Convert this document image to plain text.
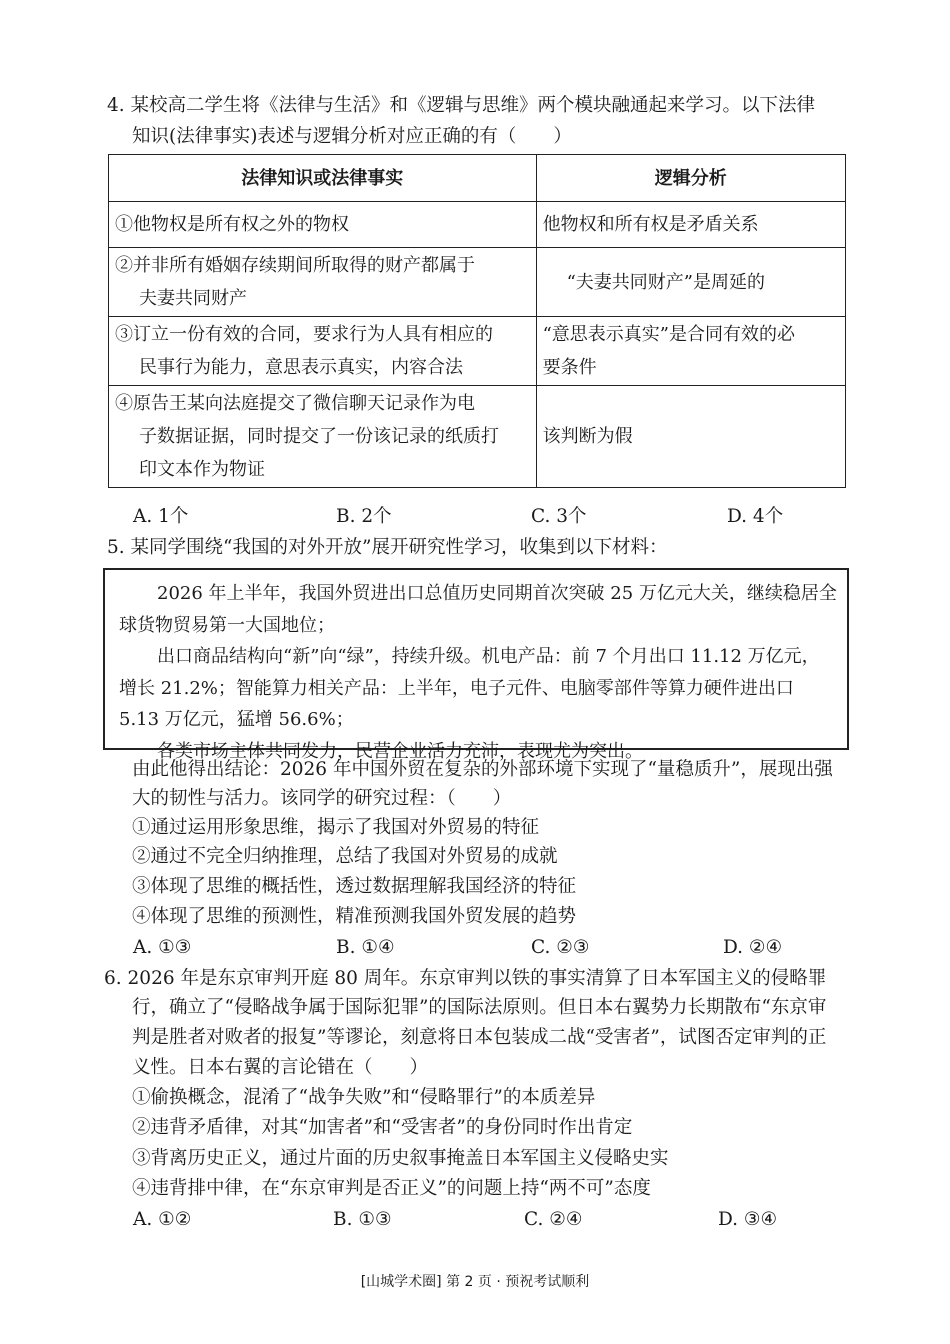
4. 某校高二学生将《法律与生活》和《逻辑与思维》两个模块融通起来学习。以下法律
知识(法律事实)表述与逻辑分析对应正确的有（　　）
法律知识或法律事实	逻辑分析
①他物权是所有权之外的物权	他物权和所有权是矛盾关系
②并非所有婚姻存续期间所取得的财产都属于
夫妻共同财产	“夫妻共同财产”是周延的
③订立一份有效的合同，要求行为人具有相应的
民事行为能力，意思表示真实，内容合法	“意思表示真实”是合同有效的必
要条件
④原告王某向法庭提交了微信聊天记录作为电
子数据证据，同时提交了一份该记录的纸质打
印文本作为物证	该判断为假
A. 1个	B. 2个	C. 3个	D. 4个
5. 某同学围绕“我国的对外开放”展开研究性学习，收集到以下材料：

2026 年上半年，我国外贸进出口总值历史同期首次突破 25 万亿元大关，继续稳居全球货物贸易第一大国地位；

出口商品结构向“新”向“绿”，持续升级。机电产品：前 7 个月出口 11.12 万亿元，增长 21.2%；智能算力相关产品：上半年，电子元件、电脑零部件等算力硬件进出口 5.13 万亿元，猛增 56.6%；

各类市场主体共同发力，民营企业活力充沛，表现尤为突出。

由此他得出结论：2026 年中国外贸在复杂的外部环境下实现了“量稳质升”，展现出强
大的韧性与活力。该同学的研究过程：（　　）
①通过运用形象思维，揭示了我国对外贸易的特征
②通过不完全归纳推理，总结了我国对外贸易的成就
③体现了思维的概括性，透过数据理解我国经济的特征
④体现了思维的预测性，精准预测我国外贸发展的趋势
A. ①③	B. ①④	C. ②③	D. ②④
6. 2026 年是东京审判开庭 80 周年。东京审判以铁的事实清算了日本军国主义的侵略罪
行，确立了“侵略战争属于国际犯罪”的国际法原则。但日本右翼势力长期散布“东京审
判是胜者对败者的报复”等谬论，刻意将日本包装成二战“受害者”，试图否定审判的正
义性。日本右翼的言论错在（　　）
①偷换概念，混淆了“战争失败”和“侵略罪行”的本质差异
②违背矛盾律，对其“加害者”和“受害者”的身份同时作出肯定
③背离历史正义，通过片面的历史叙事掩盖日本军国主义侵略史实
④违背排中律，在“东京审判是否正义”的问题上持“两不可”态度
A. ①②	B. ①③	C. ②④	D. ③④
[山城学术圈] 第 2 页 · 预祝考试顺利
